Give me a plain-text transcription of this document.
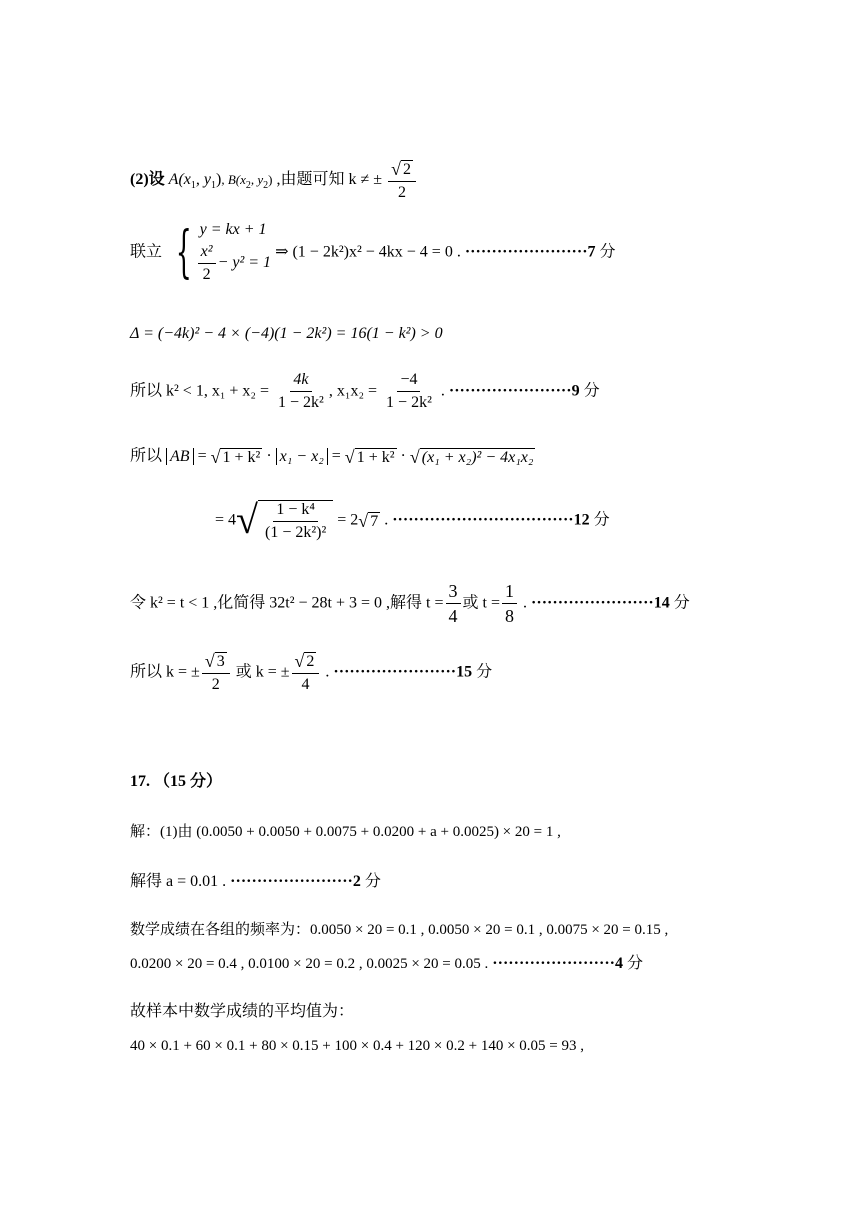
(2)设 $A(x_1$, $y_1$), $B(x_2$, $y_2$) ,由题可知 k ≠ ± $\frac{√ 2}{2}$
联立 { y = kx + 1
$\frac{\text{x²}}{2} - y^2 = 1$
⇒ (1 − 2k²)x² − 4kx − 4 = 0 . ·······················7 分
Δ = (−4k)² − 4 × (−4)(1 − 2k²) = 16(1 − k²) > 0
所以 k² < 1, $x_1 + x_2 = \frac{4k}{\text{1 − 2k²}}$ , $x_1x_2 = \frac{-4}{\text{1 − 2k²}}$ . ·······················9 分
所以 AB = √ 1 + k² · x₁ − x₂ = √ 1 + k² · √ (x₁ + x₂)² − 4x₁x₂
= 4 √ $\frac{\text{1 − k⁴}}{\text{(1 − 2k²)²}} = 2$ √ 7 . ··································12 分
令 k² = t < 1 ,化简得 32t² − 28t + 3 = 0 ,解得 $t = \frac{3}{4}$ 或 $t = \frac{1}{8}$ . ·······················14 分
所以 k = ± $\frac{√ 3}{2}$ 或 k = ± $\frac{√ 2}{4}$ . ·······················15 分
17. （15 分）
解：(1)由 (0.0050 + 0.0050 + 0.0075 + 0.0200 + a + 0.0025) × 20 = 1 ,
解得 a = 0.01 . ·······················2 分
数学成绩在各组的频率为：0.0050 × 20 = 0.1 , 0.0050 × 20 = 0.1 , 0.0075 × 20 = 0.15 ,
0.0200 × 20 = 0.4 , 0.0100 × 20 = 0.2 , 0.0025 × 20 = 0.05 . ·······················4 分
故样本中数学成绩的平均值为：
40 × 0.1 + 60 × 0.1 + 80 × 0.15 + 100 × 0.4 + 120 × 0.2 + 140 × 0.05 = 93 ,
